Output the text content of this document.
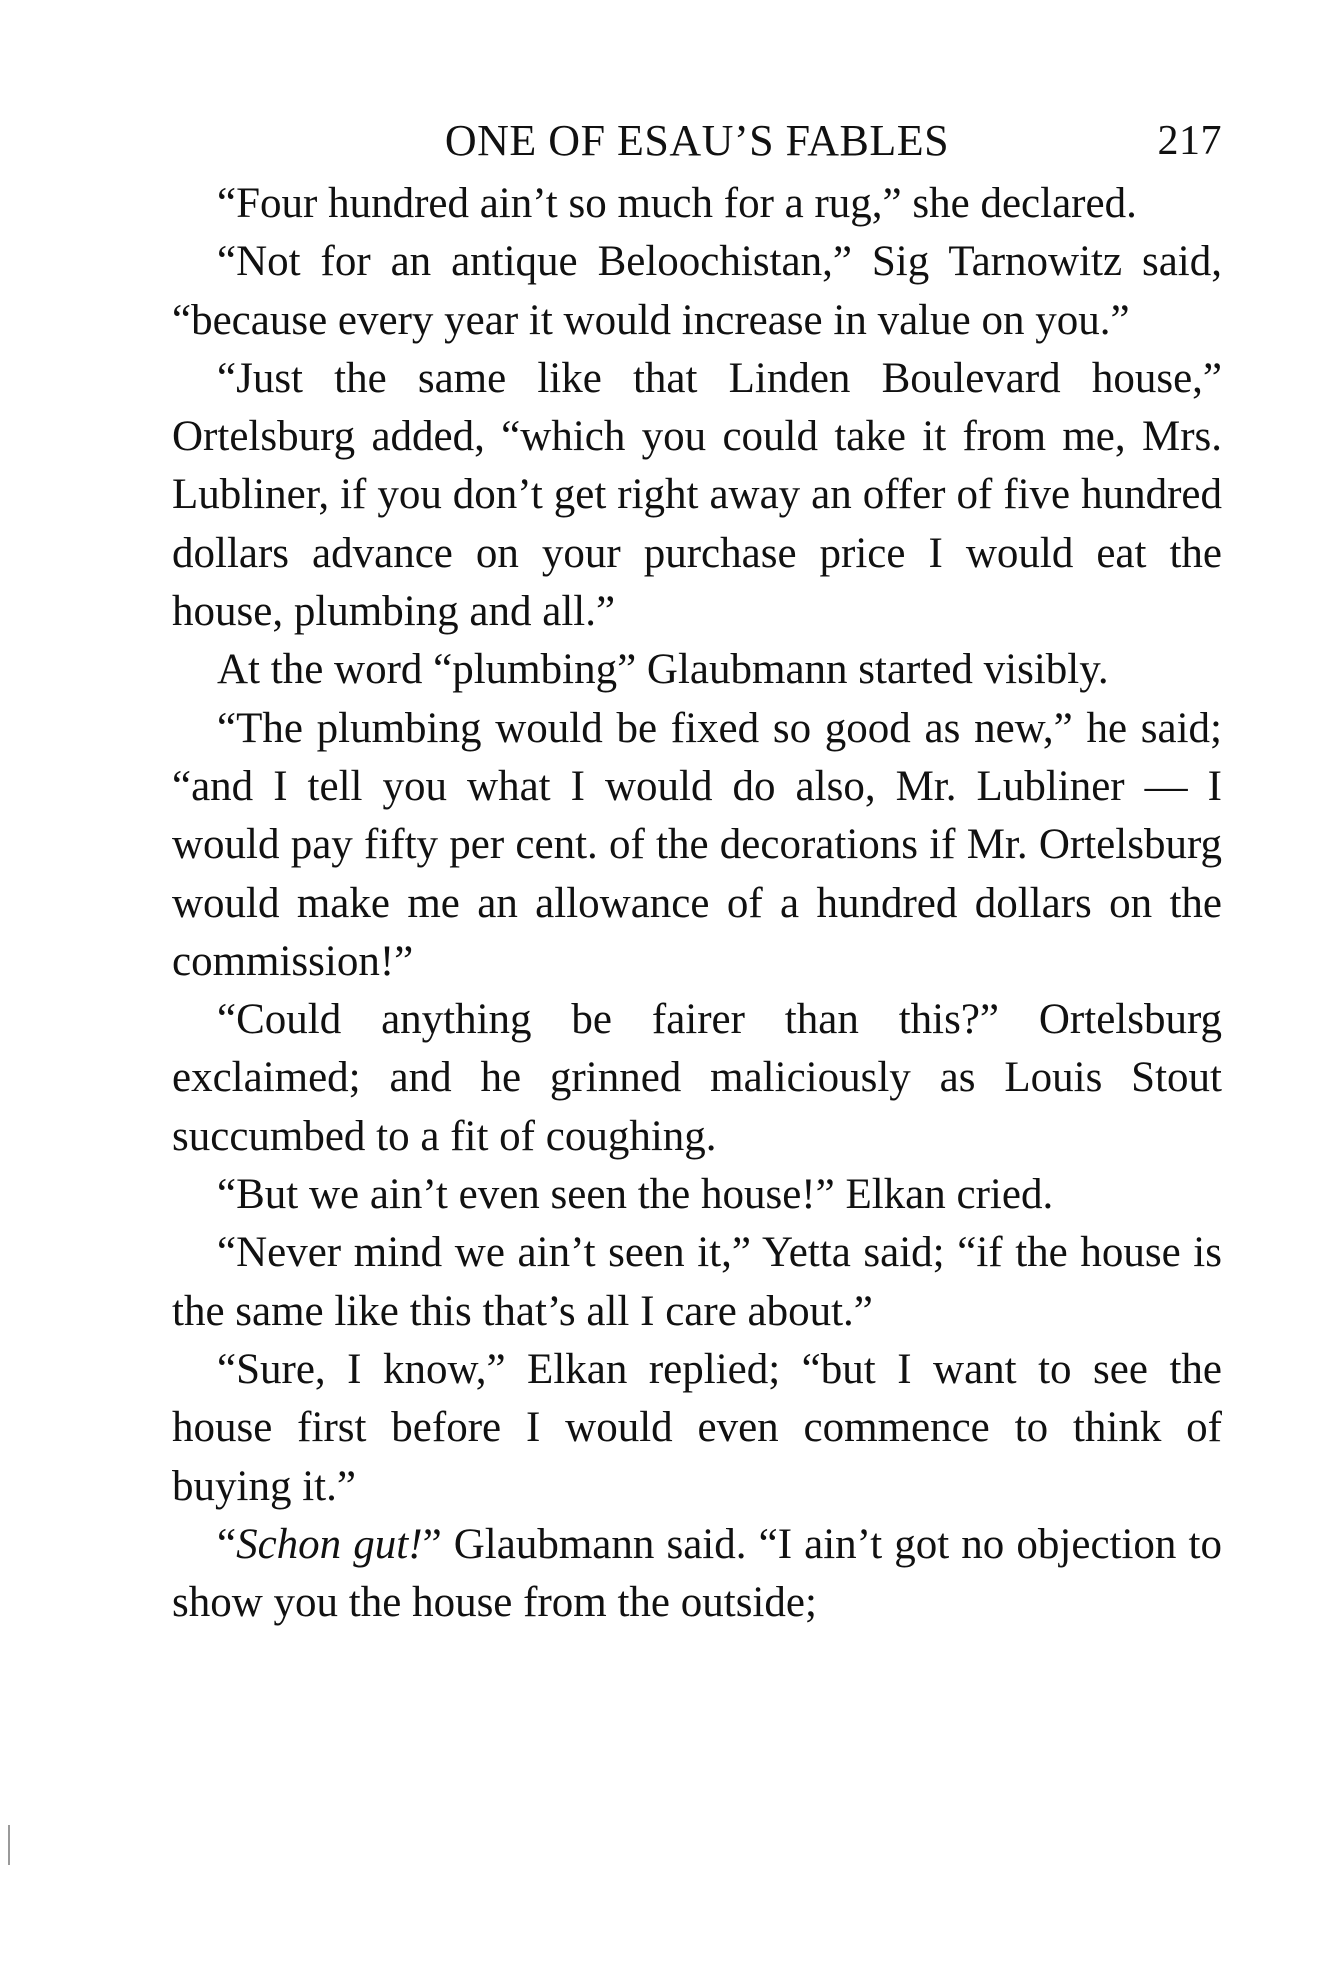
ONE OF ESAU’S FABLES	217

“Four hundred ain’t so much for a rug,” she declared.

“Not for an antique Beloochistan,” Sig Tarnowitz said, “because every year it would increase in value on you.”

“Just the same like that Linden Boulevard house,” Ortelsburg added, “which you could take it from me, Mrs. Lubliner, if you don’t get right away an offer of five hundred dollars advance on your purchase price I would eat the house, plumbing and all.”

At the word “plumbing” Glaubmann started visibly.

“The plumbing would be fixed so good as new,” he said; “and I tell you what I would do also, Mr. Lubliner — I would pay fifty per cent. of the decorations if Mr. Ortelsburg would make me an allowance of a hundred dollars on the commission!”

“Could anything be fairer than this?” Ortelsburg exclaimed; and he grinned maliciously as Louis Stout succumbed to a fit of coughing.

“But we ain’t even seen the house!” Elkan cried.

“Never mind we ain’t seen it,” Yetta said; “if the house is the same like this that’s all I care about.”

“Sure, I know,” Elkan replied; “but I want to see the house first before I would even commence to think of buying it.”

“Schon gut!” Glaubmann said. “I ain’t got no objection to show you the house from the outside;
